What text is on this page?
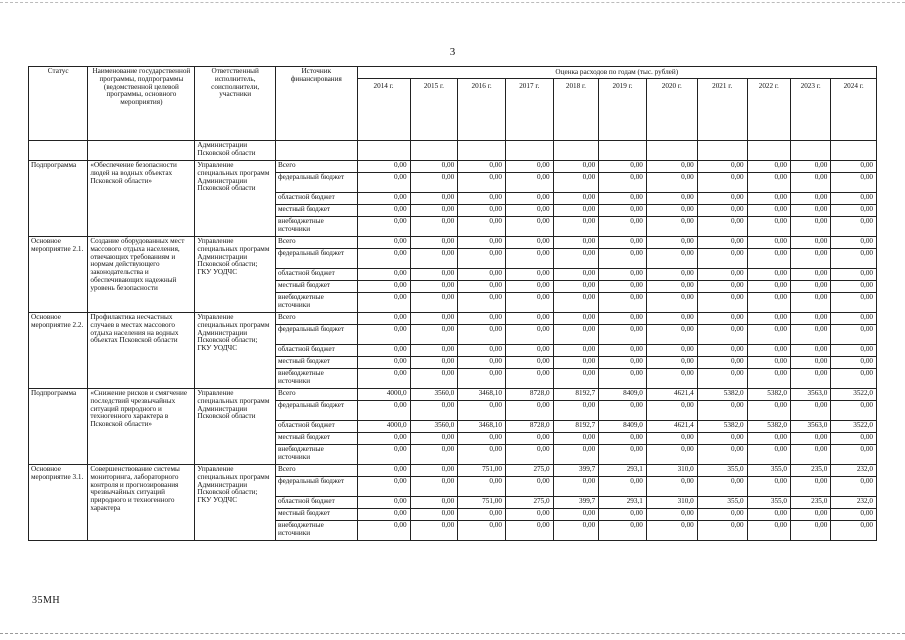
3
Статус	Наименование государственной программы, подпрограммы (ведомственной целевой программы, основного мероприятия)	Ответственный исполнитель, соисполнители, участники	Источник финансирования	Оценка расходов по годам (тыс. рублей)										
				2014 г.	2015 г.	2016 г.	2017 г.	2018 г.	2019 г.	2020 г.	2021 г.	2022 г.	2023 г.	2024 г.
		Администрации Псковской области												
Подпрограмма	«Обеспечение безопасности людей на водных объектах Псковской области»	Управление специальных программ Администрации Псковской области	Всего	0,00	0,00	0,00	0,00	0,00	0,00	0,00	0,00	0,00	0,00	0,00
			федеральный бюджет	0,00	0,00	0,00	0,00	0,00	0,00	0,00	0,00	0,00	0,00	0,00
			областной бюджет	0,00	0,00	0,00	0,00	0,00	0,00	0,00	0,00	0,00	0,00	0,00
			местный бюджет	0,00	0,00	0,00	0,00	0,00	0,00	0,00	0,00	0,00	0,00	0,00
			внебюджетные источники	0,00	0,00	0,00	0,00	0,00	0,00	0,00	0,00	0,00	0,00	0,00
Основное мероприятие 2.1.	Создание оборудованных мест массового отдыха населения, отвечающих требованиям и нормам действующего законодательства и обеспечивающих надежный уровень безопасности	Управление специальных программ Администрации Псковской области; ГКУ УОДЧС	Всего	0,00	0,00	0,00	0,00	0,00	0,00	0,00	0,00	0,00	0,00	0,00
			федеральный бюджет	0,00	0,00	0,00	0,00	0,00	0,00	0,00	0,00	0,00	0,00	0,00
			областной бюджет	0,00	0,00	0,00	0,00	0,00	0,00	0,00	0,00	0,00	0,00	0,00
			местный бюджет	0,00	0,00	0,00	0,00	0,00	0,00	0,00	0,00	0,00	0,00	0,00
			внебюджетные источники	0,00	0,00	0,00	0,00	0,00	0,00	0,00	0,00	0,00	0,00	0,00
Основное мероприятие 2.2.	Профилактика несчастных случаев в местах массового отдыха населения на водных объектах Псковской области	Управление специальных программ Администрации Псковской области; ГКУ УОДЧС	Всего	0,00	0,00	0,00	0,00	0,00	0,00	0,00	0,00	0,00	0,00	0,00
			федеральный бюджет	0,00	0,00	0,00	0,00	0,00	0,00	0,00	0,00	0,00	0,00	0,00
			областной бюджет	0,00	0,00	0,00	0,00	0,00	0,00	0,00	0,00	0,00	0,00	0,00
			местный бюджет	0,00	0,00	0,00	0,00	0,00	0,00	0,00	0,00	0,00	0,00	0,00
			внебюджетные источники	0,00	0,00	0,00	0,00	0,00	0,00	0,00	0,00	0,00	0,00	0,00
Подпрограмма	«Снижение рисков и смягчение последствий чрезвычайных ситуаций природного и техногенного характера в Псковской области»	Управление специальных программ Администрации Псковской области	Всего	4000,0	3560,0	3468,10	8728,0	8192,7	8409,0	4621,4	5382,0	5382,0	3563,0	3522,0
			федеральный бюджет	0,00	0,00	0,00	0,00	0,00	0,00	0,00	0,00	0,00	0,00	0,00
			областной бюджет	4000,0	3560,0	3468,10	8728,0	8192,7	8409,0	4621,4	5382,0	5382,0	3563,0	3522,0
			местный бюджет	0,00	0,00	0,00	0,00	0,00	0,00	0,00	0,00	0,00	0,00	0,00
			внебюджетные источники	0,00	0,00	0,00	0,00	0,00	0,00	0,00	0,00	0,00	0,00	0,00
Основное мероприятие 3.1.	Совершенствование системы мониторинга, лабораторного контроля и прогнозирования чрезвычайных ситуаций природного и техногенного характера	Управление специальных программ Администрации Псковской области; ГКУ УОДЧС	Всего	0,00	0,00	751,00	275,0	399,7	293,1	310,0	355,0	355,0	235,0	232,0
			федеральный бюджет	0,00	0,00	0,00	0,00	0,00	0,00	0,00	0,00	0,00	0,00	0,00
			областной бюджет	0,00	0,00	751,00	275,0	399,7	293,1	310,0	355,0	355,0	235,0	232,0
			местный бюджет	0,00	0,00	0,00	0,00	0,00	0,00	0,00	0,00	0,00	0,00	0,00
			внебюджетные источники	0,00	0,00	0,00	0,00	0,00	0,00	0,00	0,00	0,00	0,00	0,00
35МН
